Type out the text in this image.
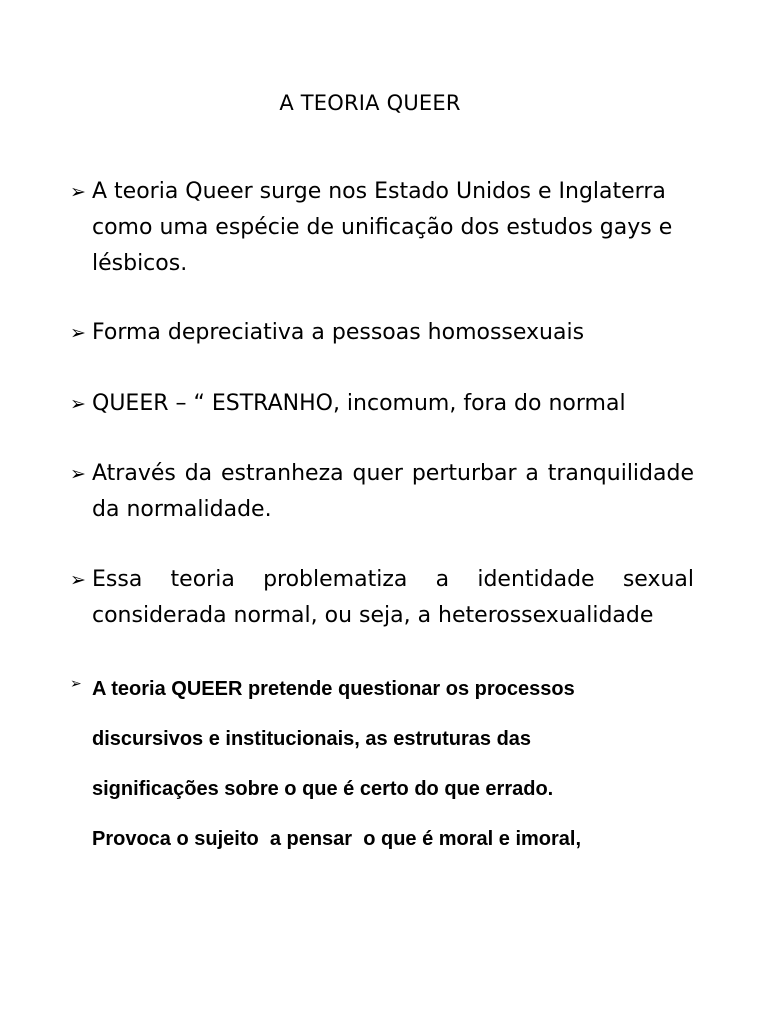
A TEORIA QUEER
➢ A teoria Queer surge nos Estado Unidos e Inglaterra como uma espécie de unificação dos estudos gays e lésbicos.
➢ Forma depreciativa a pessoas homossexuais
➢ QUEER – “ ESTRANHO, incomum, fora do normal
➢ Através da estranheza quer perturbar a tranquilidade da normalidade.
➢ Essa teoria problematiza a identidade sexual considerada normal, ou seja, a heterossexualidade
➢ A teoria QUEER pretende questionar os processos
discursivos e institucionais, as estruturas das
significações sobre o que é certo do que errado.
Provoca o sujeito  a pensar  o que é moral e imoral,
